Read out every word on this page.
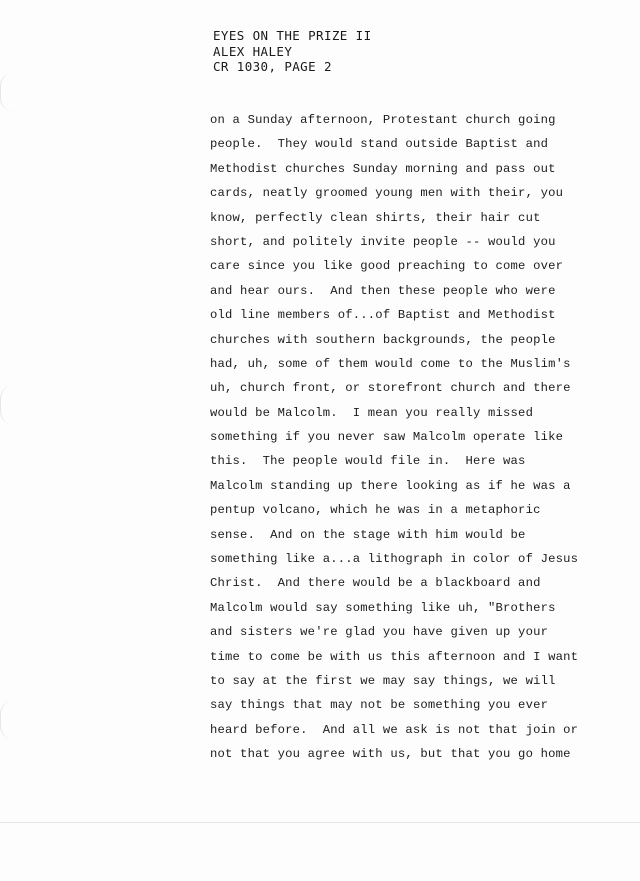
EYES ON THE PRIZE II
ALEX HALEY
CR 1030, PAGE 2
on a Sunday afternoon, Protestant church going
people.  They would stand outside Baptist and
Methodist churches Sunday morning and pass out
cards, neatly groomed young men with their, you
know, perfectly clean shirts, their hair cut
short, and politely invite people -- would you
care since you like good preaching to come over
and hear ours.  And then these people who were
old line members of...of Baptist and Methodist
churches with southern backgrounds, the people
had, uh, some of them would come to the Muslim's
uh, church front, or storefront church and there
would be Malcolm.  I mean you really missed
something if you never saw Malcolm operate like
this.  The people would file in.  Here was
Malcolm standing up there looking as if he was a
pentup volcano, which he was in a metaphoric
sense.  And on the stage with him would be
something like a...a lithograph in color of Jesus
Christ.  And there would be a blackboard and
Malcolm would say something like uh, "Brothers
and sisters we're glad you have given up your
time to come be with us this afternoon and I want
to say at the first we may say things, we will
say things that may not be something you ever
heard before.  And all we ask is not that join or
not that you agree with us, but that you go home
